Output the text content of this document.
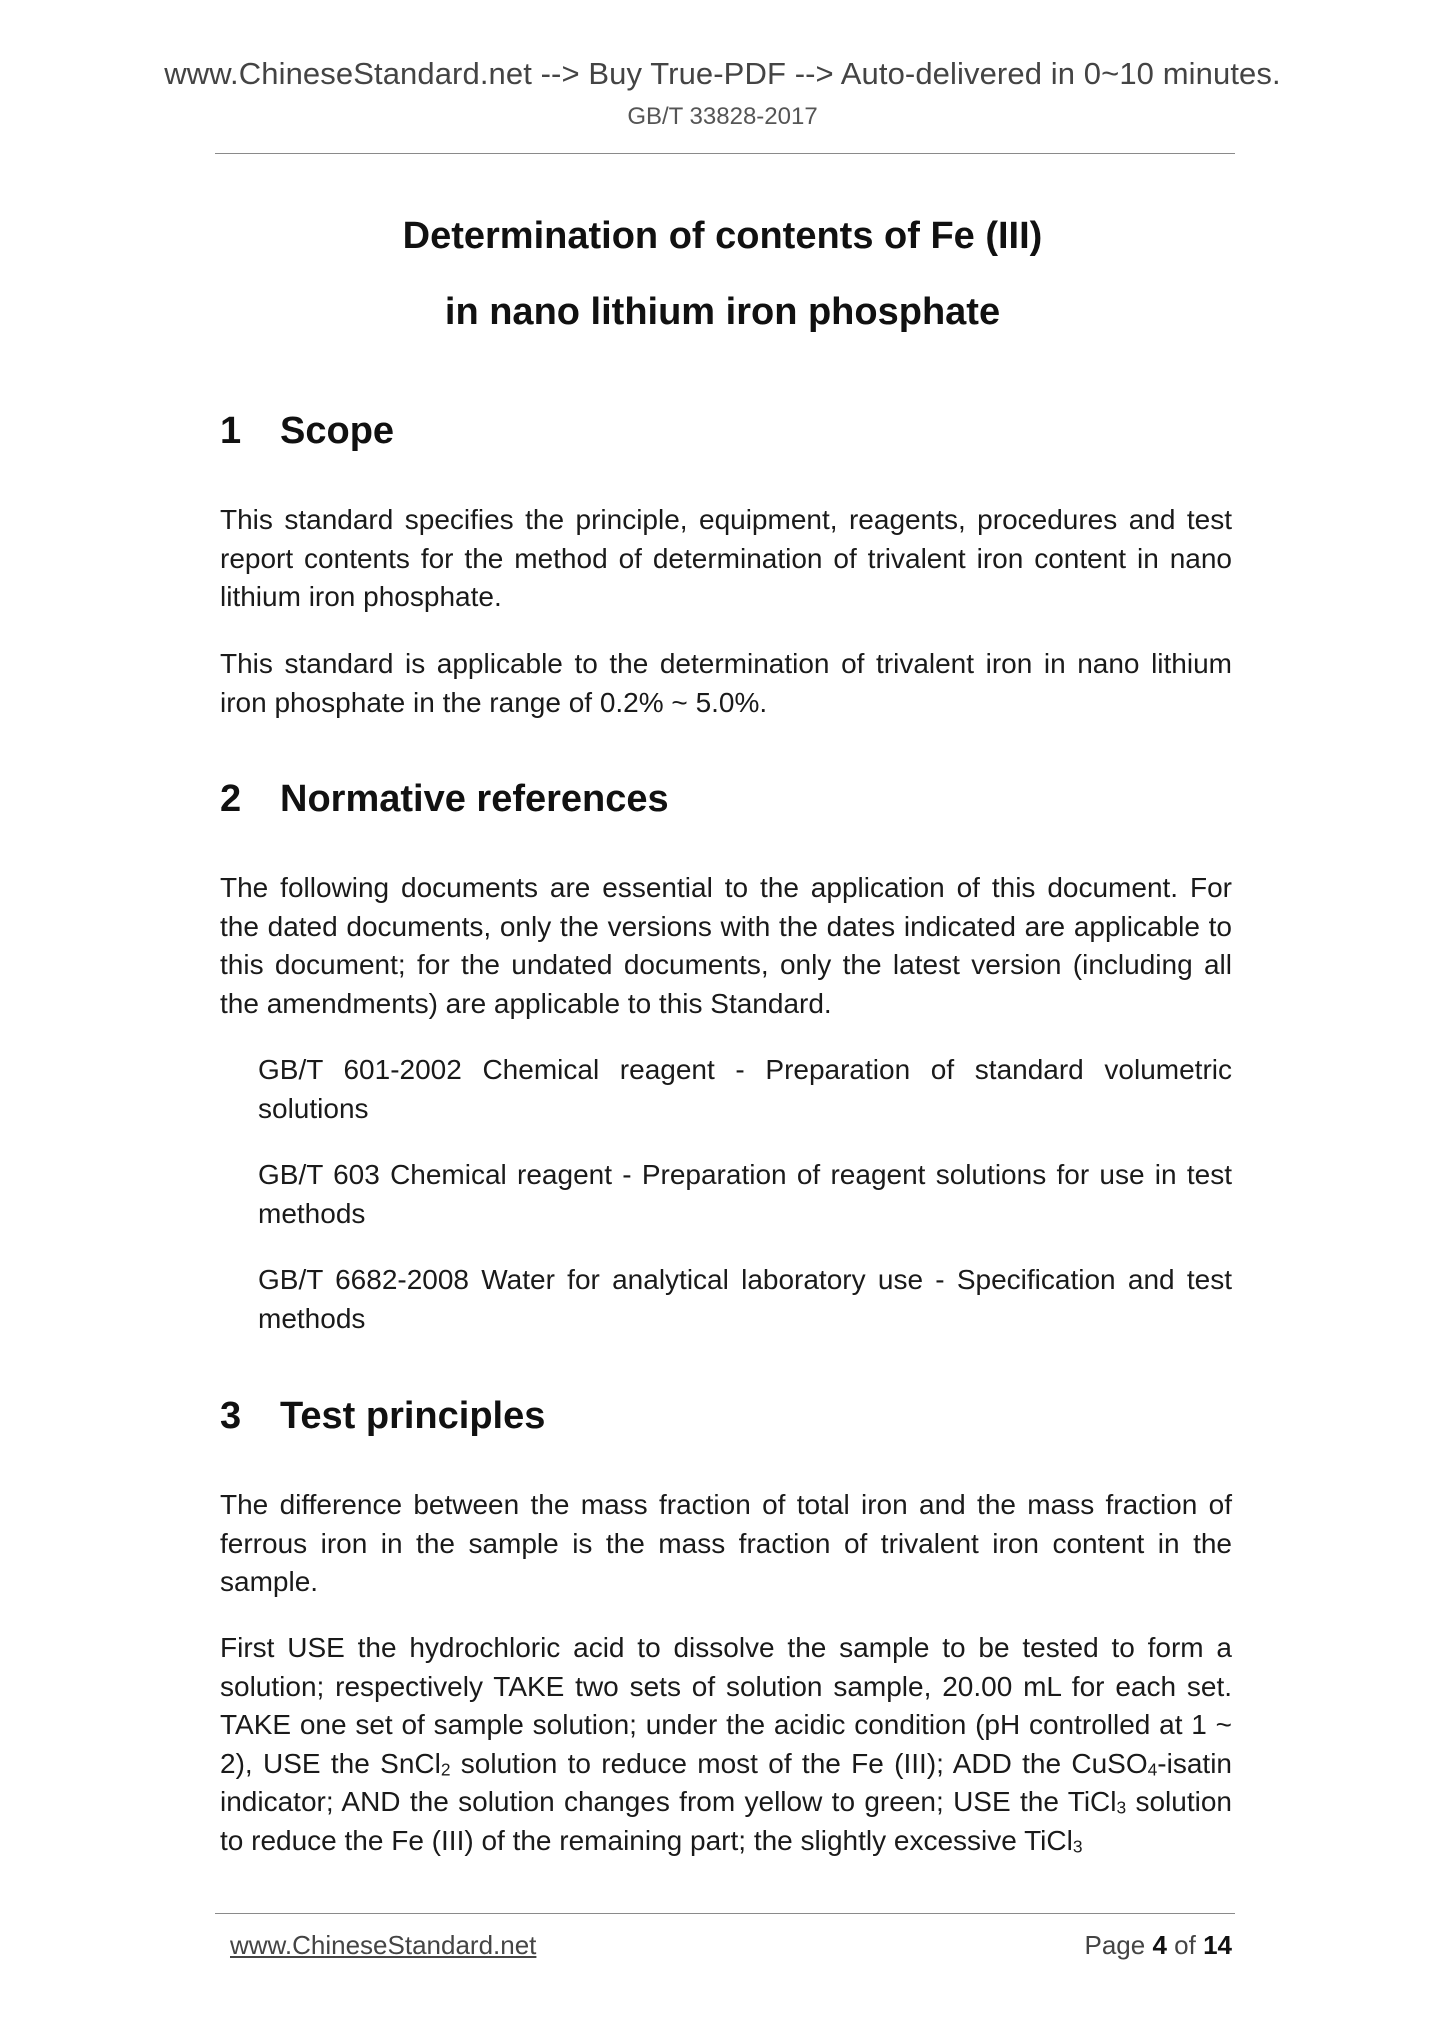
www.ChineseStandard.net --> Buy True-PDF --> Auto-delivered in 0~10 minutes.
GB/T 33828-2017
Determination of contents of Fe (III)
in nano lithium iron phosphate
1 Scope
This standard specifies the principle, equipment, reagents, procedures and test report contents for the method of determination of trivalent iron content in nano lithium iron phosphate.
This standard is applicable to the determination of trivalent iron in nano lithium iron phosphate in the range of 0.2% ~ 5.0%.
2 Normative references
The following documents are essential to the application of this document. For the dated documents, only the versions with the dates indicated are applicable to this document; for the undated documents, only the latest version (including all the amendments) are applicable to this Standard.
GB/T 601-2002 Chemical reagent - Preparation of standard volumetric solutions
GB/T 603 Chemical reagent - Preparation of reagent solutions for use in test methods
GB/T 6682-2008 Water for analytical laboratory use - Specification and test methods
3 Test principles
The difference between the mass fraction of total iron and the mass fraction of ferrous iron in the sample is the mass fraction of trivalent iron content in the sample.
First USE the hydrochloric acid to dissolve the sample to be tested to form a solution; respectively TAKE two sets of solution sample, 20.00 mL for each set. TAKE one set of sample solution; under the acidic condition (pH controlled at 1 ~ 2), USE the SnCl$_2$ solution to reduce most of the Fe (III); ADD the CuSO$_4$-isatin indicator; AND the solution changes from yellow to green; USE the TiCl$_3$ solution to reduce the Fe (III) of the remaining part; the slightly excessive TiCl$_3$
www.ChineseStandard.net	Page 4 of 14
